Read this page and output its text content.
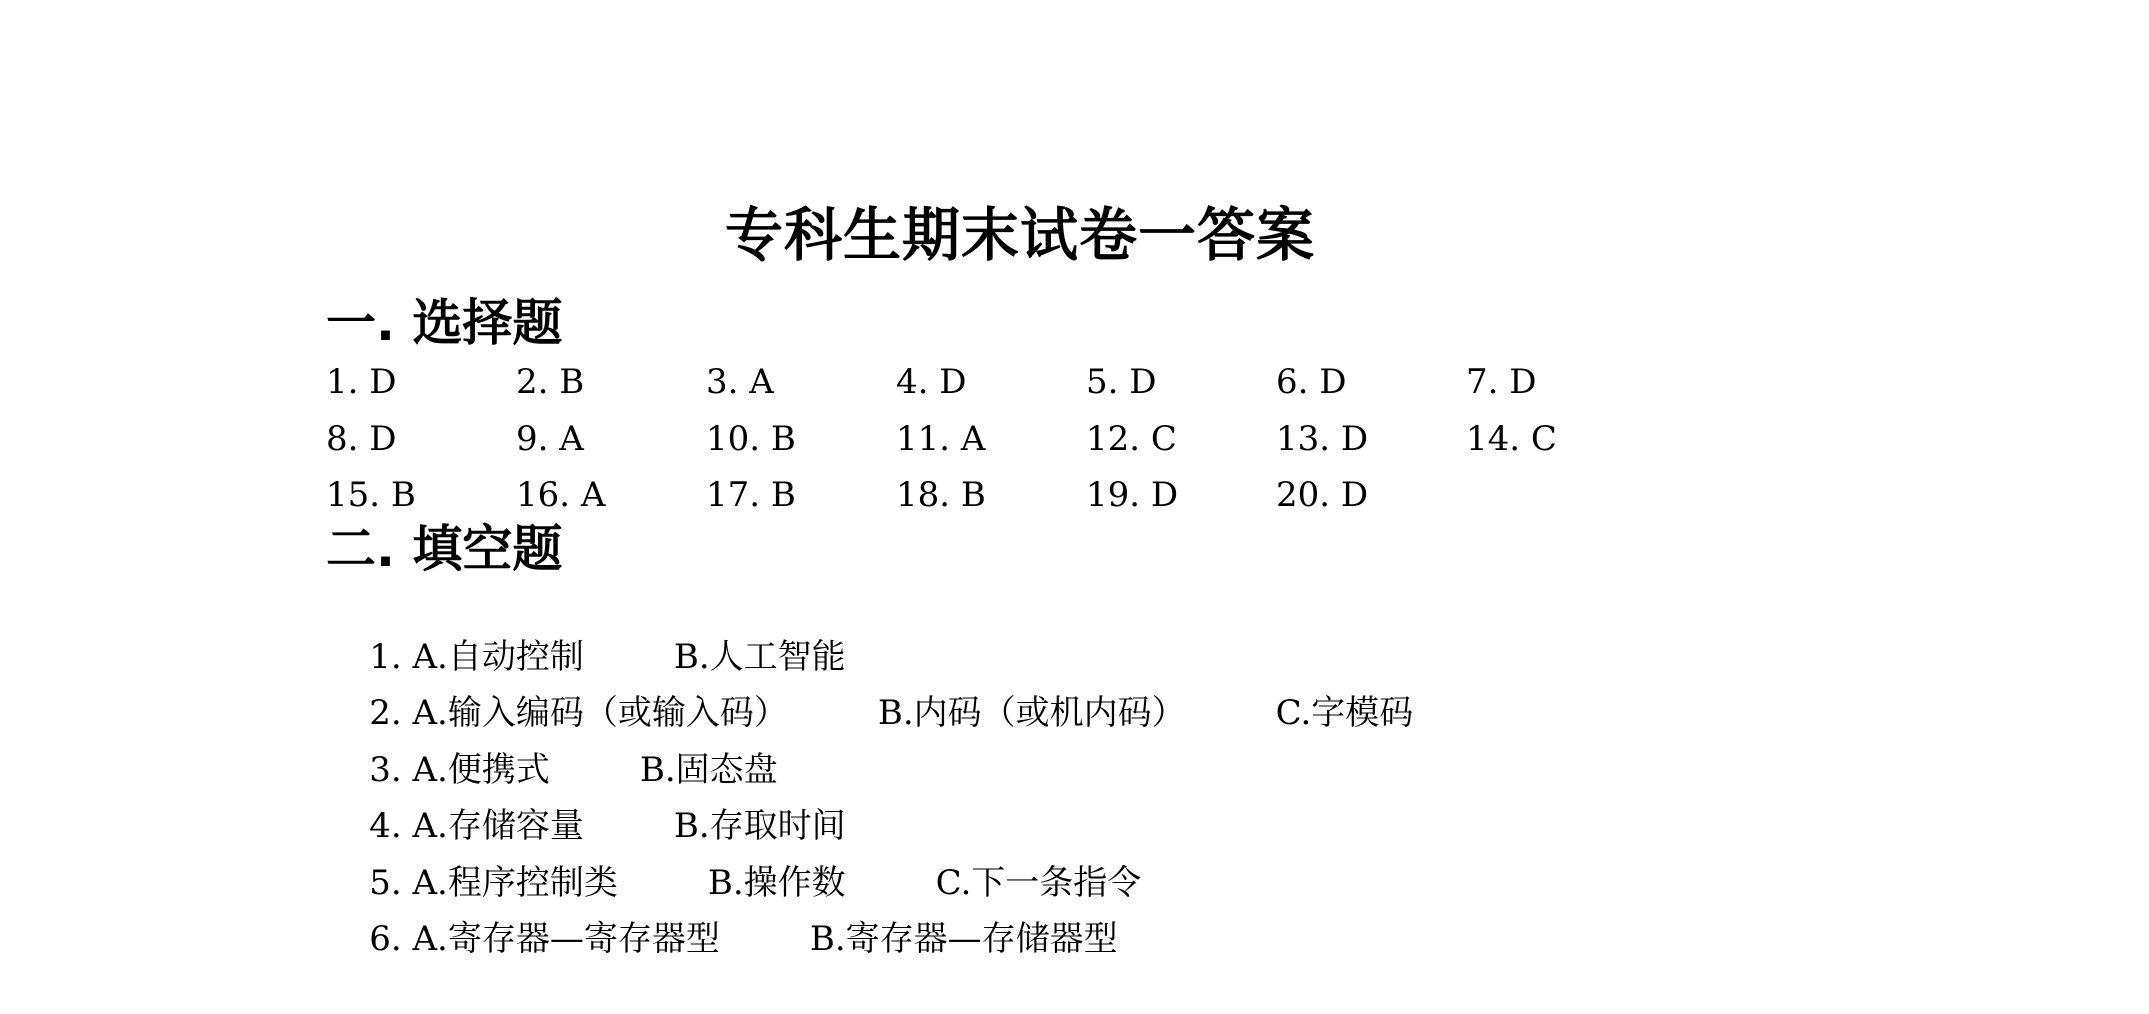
专科生期末试卷一答案
一. 选择题
1. D	2. B	3. A	4. D	5. D	6. D	7. D
8. D	9. A	10. B	11. A	12. C	13. D	14. C
15. B	16. A	17. B	18. B	19. D	20. D
二. 填空题

1. A.自动控制	B.人工智能

2. A.输入编码（或输入码）	B.内码（或机内码）	C.字模码

3. A.便携式	B.固态盘

4. A.存储容量	B.存取时间

5. A.程序控制类	B.操作数	C.下一条指令

6. A.寄存器—寄存器型	B.寄存器—存储器型
